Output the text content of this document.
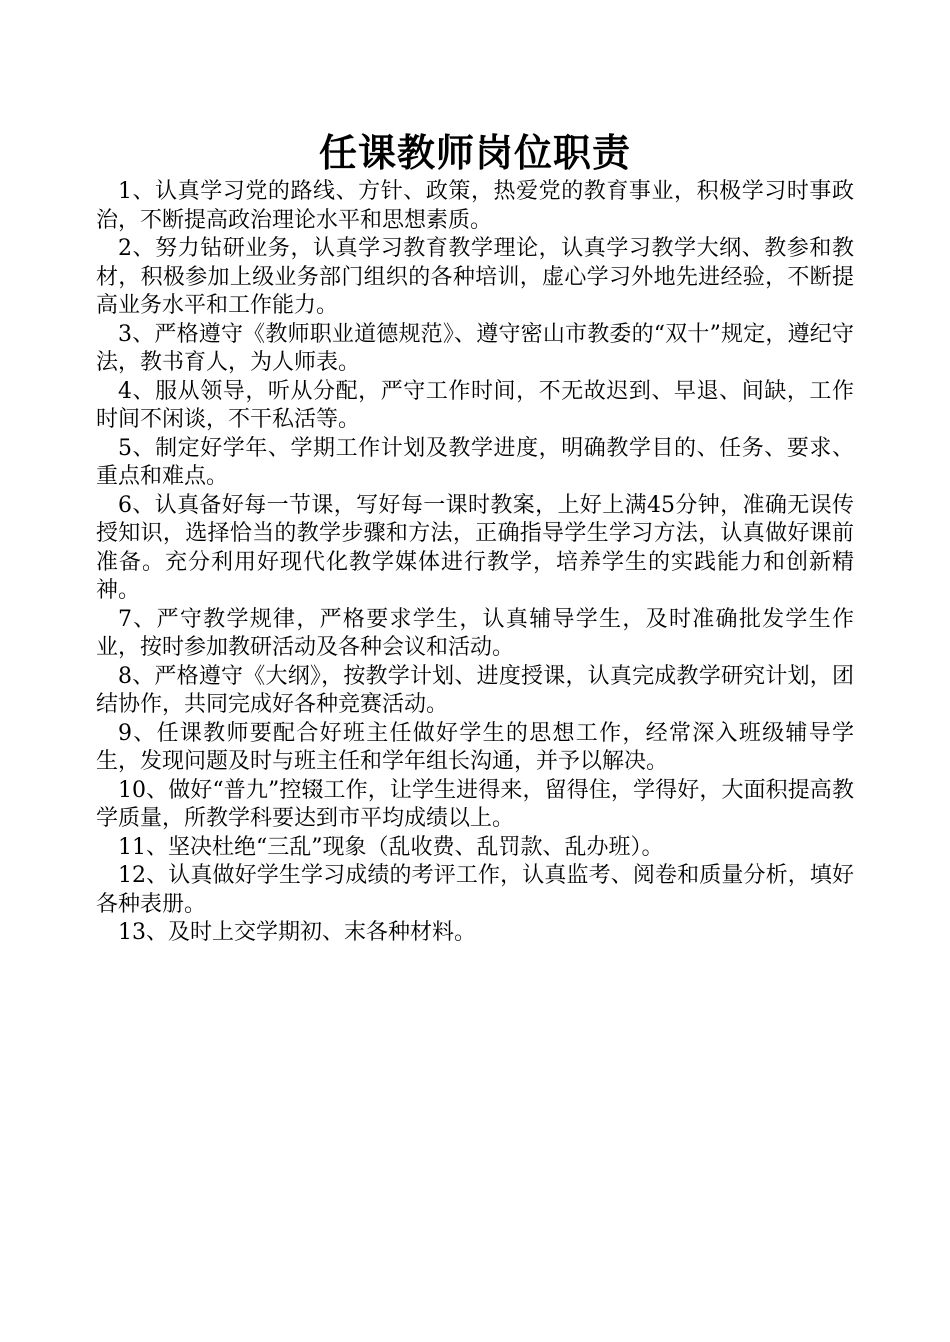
任课教师岗位职责

1、认真学习党的路线、方针、政策，热爱党的教育事业，积极学习时事政治，不断提高政治理论水平和思想素质。

2、努力钻研业务，认真学习教育教学理论，认真学习教学大纲、教参和教材，积极参加上级业务部门组织的各种培训，虚心学习外地先进经验，不断提高业务水平和工作能力。

3、严格遵守《教师职业道德规范》、遵守密山市教委的“双十”规定，遵纪守法，教书育人，为人师表。

4、服从领导，听从分配，严守工作时间，不无故迟到、早退、间缺，工作时间不闲谈，不干私活等。

5、制定好学年、学期工作计划及教学进度，明确教学目的、任务、要求、重点和难点。

6、认真备好每一节课，写好每一课时教案，上好上满45分钟，准确无误传授知识，选择恰当的教学步骤和方法，正确指导学生学习方法，认真做好课前准备。充分利用好现代化教学媒体进行教学，培养学生的实践能力和创新精神。

7、严守教学规律，严格要求学生，认真辅导学生，及时准确批发学生作业，按时参加教研活动及各种会议和活动。

8、严格遵守《大纲》，按教学计划、进度授课，认真完成教学研究计划，团结协作，共同完成好各种竞赛活动。

9、任课教师要配合好班主任做好学生的思想工作，经常深入班级辅导学生，发现问题及时与班主任和学年组长沟通，并予以解决。

10、做好“普九”控辍工作，让学生进得来，留得住，学得好，大面积提高教学质量，所教学科要达到市平均成绩以上。

11、坚决杜绝“三乱”现象（乱收费、乱罚款、乱办班）。

12、认真做好学生学习成绩的考评工作，认真监考、阅卷和质量分析，填好各种表册。

13、及时上交学期初、末各种材料。
